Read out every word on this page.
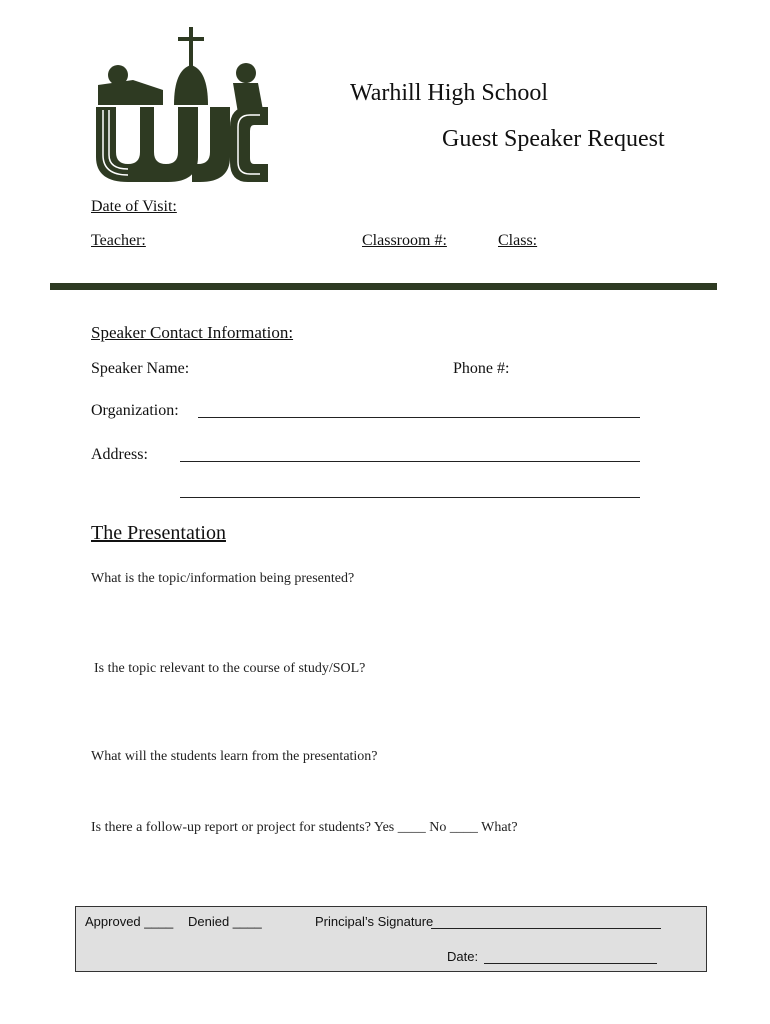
Warhill High School
Guest Speaker Request
Date of Visit:
Teacher:	Classroom #:	Class:
Speaker Contact Information:
Speaker Name:	Phone #:
Organization:
Address:
The Presentation
What is the topic/information being presented?
Is the topic relevant to the course of study/SOL?
What will the students learn from the presentation?
Is there a follow-up report or project for students? Yes ____ No ____ What?
Approved ____ Denied ____	Principal’s Signature
Date:
